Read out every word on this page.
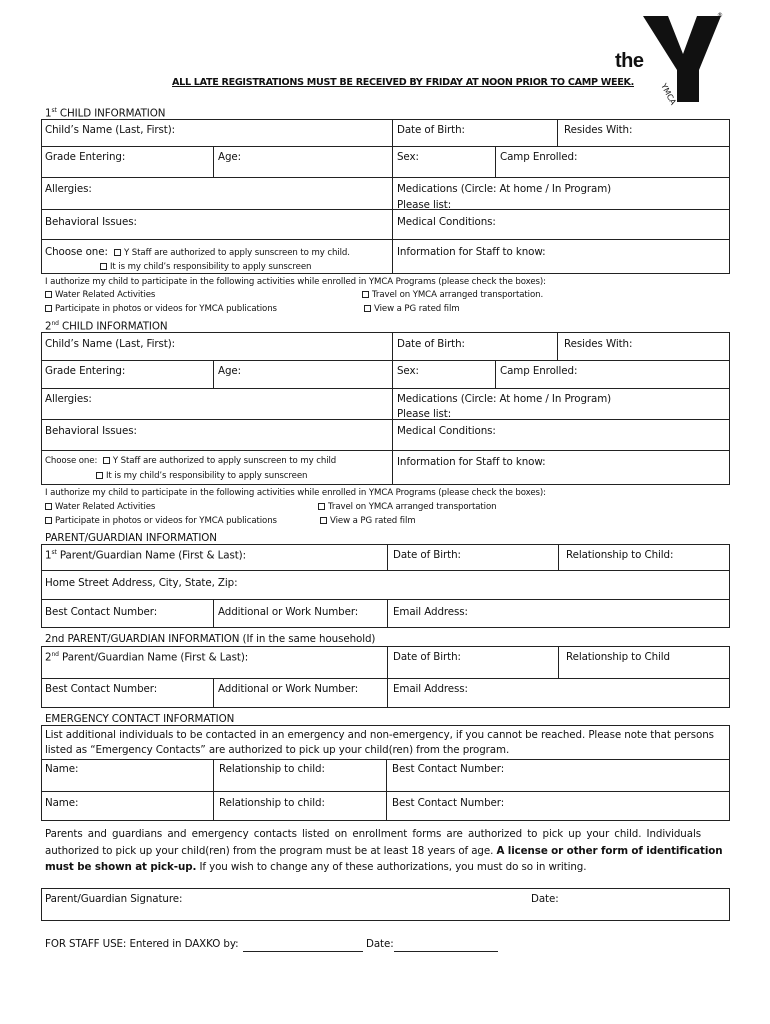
ALL LATE REGISTRATIONS MUST BE RECEIVED BY FRIDAY AT NOON PRIOR TO CAMP WEEK.
the
YMCA
®
1st CHILD INFORMATION
Child’s Name (Last, First):	Date of Birth:	Resides With:
Grade Entering:	Age:	Sex:	Camp Enrolled:
Allergies:	Medications (Circle: At home / In Program)
Please list:
Behavioral Issues:	Medical Conditions:
Choose one: Y Staff are authorized to apply sunscreen to my child.
It is my child’s responsibility to apply sunscreen
Information for Staff to know:
I authorize my child to participate in the following activities while enrolled in YMCA Programs (please check the boxes):
Water Related Activities	Travel on YMCA arranged transportation.
Participate in photos or videos for YMCA publications	View a PG rated film
2nd CHILD INFORMATION
Child’s Name (Last, First):	Date of Birth:	Resides With:
Grade Entering:	Age:	Sex:	Camp Enrolled:
Allergies:	Medications (Circle: At home / In Program)
Please list:
Behavioral Issues:	Medical Conditions:
Choose one: Y Staff are authorized to apply sunscreen to my child
It is my child’s responsibility to apply sunscreen
Information for Staff to know:
I authorize my child to participate in the following activities while enrolled in YMCA Programs (please check the boxes):
Water Related Activities	Travel on YMCA arranged transportation
Participate in photos or videos for YMCA publications	View a PG rated film
PARENT/GUARDIAN INFORMATION
1st Parent/Guardian Name (First & Last):	Date of Birth:	Relationship to Child:
Home Street Address, City, State, Zip:
Best Contact Number:	Additional or Work Number:	Email Address:
2nd PARENT/GUARDIAN INFORMATION (If in the same household)
2nd Parent/Guardian Name (First & Last):	Date of Birth:	Relationship to Child
Best Contact Number:	Additional or Work Number:	Email Address:
EMERGENCY CONTACT INFORMATION
List additional individuals to be contacted in an emergency and non-emergency, if you cannot be reached. Please note that persons
listed as “Emergency Contacts” are authorized to pick up your child(ren) from the program.
Name:	Relationship to child:	Best Contact Number:
Name:	Relationship to child:	Best Contact Number:
Parents and guardians and emergency contacts listed on enrollment forms are authorized to pick up your child. Individuals
authorized to pick up your child(ren) from the program must be at least 18 years of age. A license or other form of identification
must be shown at pick-up. If you wish to change any of these authorizations, you must do so in writing.
Parent/Guardian Signature:	Date:
FOR STAFF USE: Entered in DAXKO by:	Date:
